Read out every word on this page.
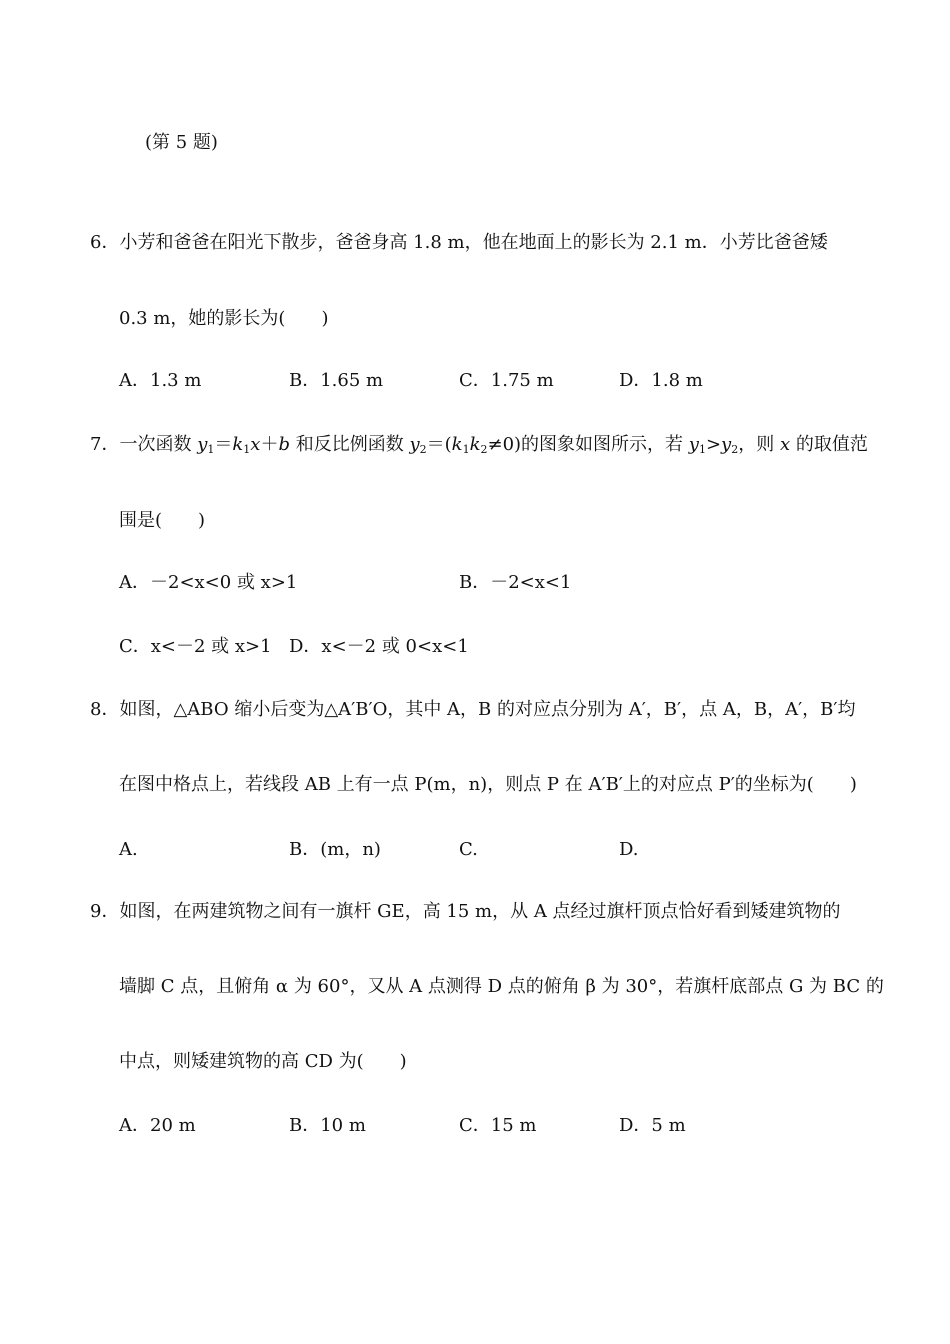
(第 5 题)
6．小芳和爸爸在阳光下散步，爸爸身高 1.8 m，他在地面上的影长为 2.1 m．小芳比爸爸矮
0.3 m，她的影长为(　　)
A．1.3 m	B．1.65 m	C．1.75 m	D．1.8 m
7．一次函数 $y_1=k_1x+b$ 和反比例函数 $y_2=(k_1k_2\ne 0)$的图象如图所示，若 $y_1>y_2$，则 x 的取值范
围是(　　)
A．－2<x<0 或 x>1	B．－2<x<1
C．x<－2 或 x>1 D．x<－2 或 0<x<1
8．如图，△ABO 缩小后变为△A′B′O，其中 A，B 的对应点分别为 A′，B′，点 A，B，A′，B′均
在图中格点上，若线段 AB 上有一点 P(m，n)，则点 P 在 A′B′上的对应点 P′的坐标为(　　)
A.	B．(m，n)	C.	D.
9．如图，在两建筑物之间有一旗杆 GE，高 15 m，从 A 点经过旗杆顶点恰好看到矮建筑物的
墙脚 C 点，且俯角 α 为 60°，又从 A 点测得 D 点的俯角 β 为 30°，若旗杆底部点 G 为 BC 的
中点，则矮建筑物的高 CD 为(　　)
A．20 m	B．10 m	C．15 m	D．5 m
